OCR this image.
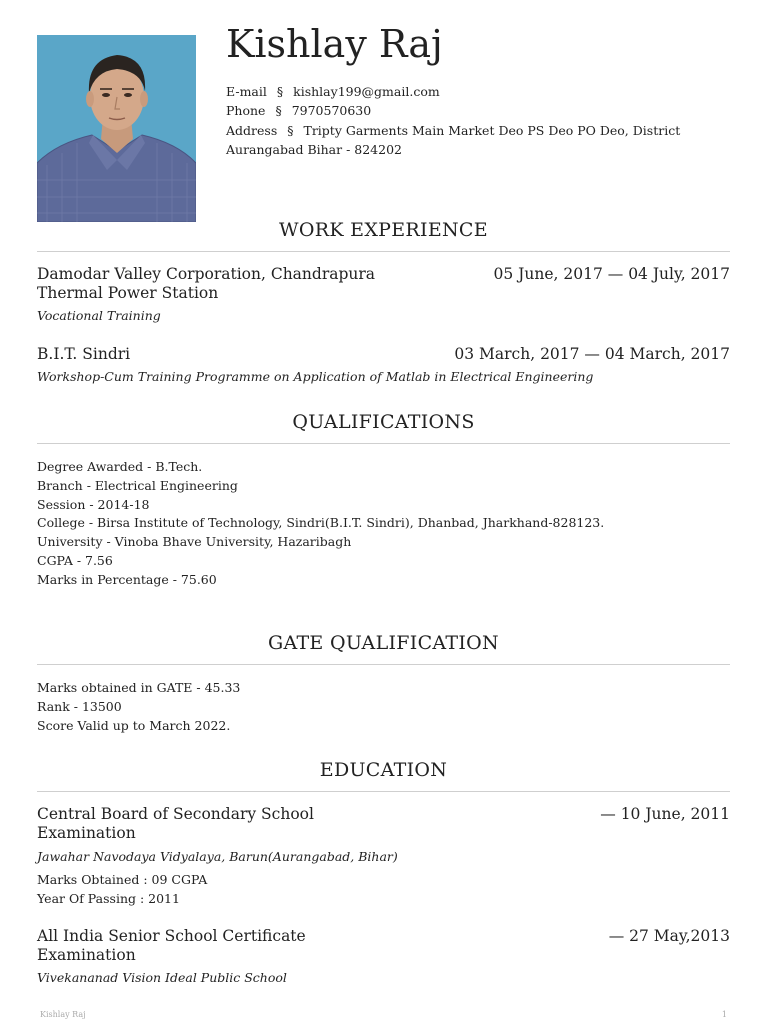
Kishlay Raj
E-mail § kishlay199@gmail.com
Phone § 7970570630
Address § Tripty Garments Main Market Deo PS Deo PO Deo, District
Aurangabad Bihar - 824202
WORK EXPERIENCE
Damodar Valley Corporation, Chandrapura Thermal Power Station
05 June, 2017 — 04 July, 2017
Vocational Training
B.I.T. Sindri	03 March, 2017 — 04 March, 2017
Workshop-Cum Training Programme on Application of Matlab in Electrical Engineering
QUALIFICATIONS
Degree Awarded - B.Tech.
Branch - Electrical Engineering
Session - 2014-18
College - Birsa Institute of Technology, Sindri(B.I.T. Sindri), Dhanbad, Jharkhand-828123.
University - Vinoba Bhave University, Hazaribagh
CGPA - 7.56
Marks in Percentage - 75.60
GATE QUALIFICATION
Marks obtained in GATE - 45.33
Rank - 13500
Score Valid up to March 2022.
EDUCATION
Central Board of Secondary School Examination
— 10 June, 2011
Jawahar Navodaya Vidyalaya, Barun(Aurangabad, Bihar)
Marks Obtained : 09 CGPA
Year Of Passing : 2011
All India Senior School Certificate Examination
— 27 May,2013
Vivekananad Vision Ideal Public School
Kishlay Raj	1
